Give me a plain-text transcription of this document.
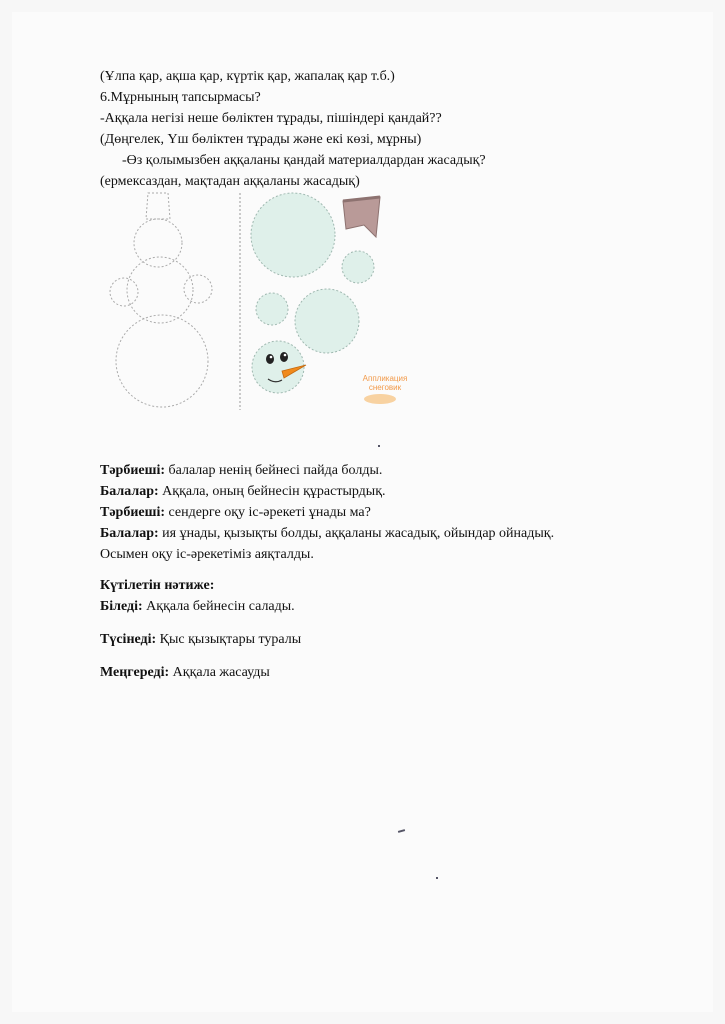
(Ұлпа қар, ақша қар, күртік қар, жапалақ қар т.б.)
6.Мұрнының тапсырмасы?
-Аққала негізі неше бөліктен тұрады, пішіндері қандай??
(Дөңгелек, Үш бөліктен тұрады және екі көзі, мұрны)
-Өз қолымызбен аққаланы қандай материалдардан жасадық?
(ермексаздан, мақтадан аққаланы жасадық)
Аппликация
снеговик
Тәрбиеші: балалар ненің бейнесі пайда болды.
Балалар: Аққала, оның бейнесін құрастырдық.
Тәрбиеші: сендерге оқу іс-әрекеті ұнады ма?
Балалар: ия ұнады, қызықты болды, аққаланы жасадық, ойындар ойнадық.
Осымен оқу іс-әрекетіміз аяқталды.
Күтілетін нәтиже:
Біледі: Аққала бейнесін салады.
Түсінеді: Қыс қызықтары туралы
Меңгереді: Аққала жасауды
